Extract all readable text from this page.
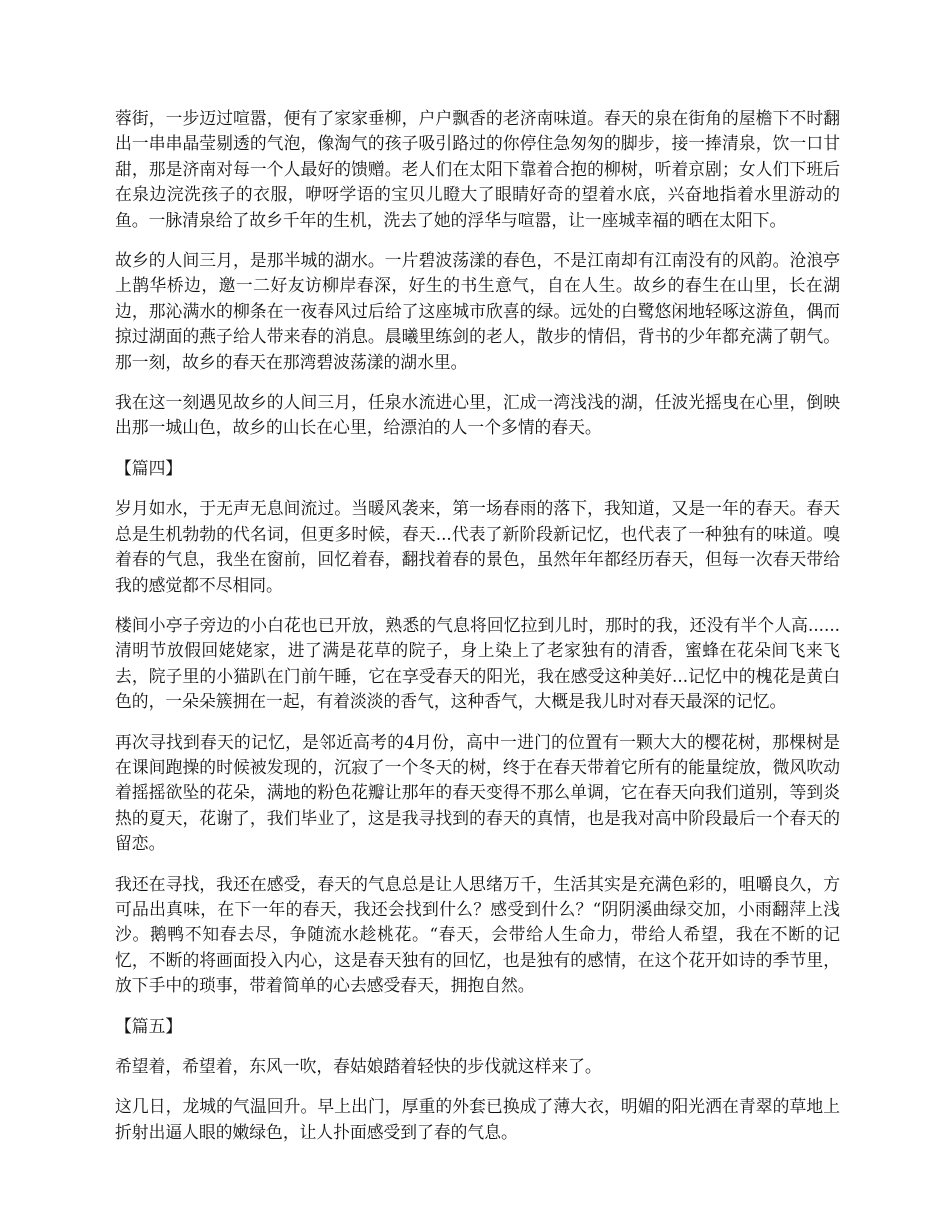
蓉街，一步迈过喧嚣，便有了家家垂柳，户户飘香的老济南味道。春天的泉在街角的屋檐下不时翻出一串串晶莹剔透的气泡，像淘气的孩子吸引路过的你停住急匆匆的脚步，接一捧清泉，饮一口甘甜，那是济南对每一个人最好的馈赠。老人们在太阳下靠着合抱的柳树，听着京剧；女人们下班后在泉边浣洗孩子的衣服，咿呀学语的宝贝儿瞪大了眼睛好奇的望着水底，兴奋地指着水里游动的鱼。一脉清泉给了故乡千年的生机，洗去了她的浮华与喧嚣，让一座城幸福的晒在太阳下。

故乡的人间三月，是那半城的湖水。一片碧波荡漾的春色，不是江南却有江南没有的风韵。沧浪亭上鹊华桥边，邀一二好友访柳岸春深，好生的书生意气，自在人生。故乡的春生在山里，长在湖边，那沁满水的柳条在一夜春风过后给了这座城市欣喜的绿。远处的白鹭悠闲地轻啄这游鱼，偶而掠过湖面的燕子给人带来春的消息。晨曦里练剑的老人，散步的情侣，背书的少年都充满了朝气。那一刻，故乡的春天在那湾碧波荡漾的湖水里。

我在这一刻遇见故乡的人间三月，任泉水流进心里，汇成一湾浅浅的湖，任波光摇曳在心里，倒映出那一城山色，故乡的山长在心里，给漂泊的人一个多情的春天。

【篇四】

岁月如水，于无声无息间流过。当暖风袭来，第一场春雨的落下，我知道，又是一年的春天。春天总是生机勃勃的代名词，但更多时候，春天...代表了新阶段新记忆，也代表了一种独有的味道。嗅着春的气息，我坐在窗前，回忆着春，翻找着春的景色，虽然年年都经历春天，但每一次春天带给我的感觉都不尽相同。

楼间小亭子旁边的小白花也已开放，熟悉的气息将回忆拉到儿时，那时的我，还没有半个人高......清明节放假回姥姥家，进了满是花草的院子，身上染上了老家独有的清香，蜜蜂在花朵间飞来飞去，院子里的小猫趴在门前午睡，它在享受春天的阳光，我在感受这种美好...记忆中的槐花是黄白色的，一朵朵簇拥在一起，有着淡淡的香气，这种香气，大概是我儿时对春天最深的记忆。

再次寻找到春天的记忆，是邻近高考的4月份，高中一进门的位置有一颗大大的樱花树，那棵树是在课间跑操的时候被发现的，沉寂了一个冬天的树，终于在春天带着它所有的能量绽放，微风吹动着摇摇欲坠的花朵，满地的粉色花瓣让那年的春天变得不那么单调，它在春天向我们道别，等到炎热的夏天，花谢了，我们毕业了，这是我寻找到的春天的真情，也是我对高中阶段最后一个春天的留恋。

我还在寻找，我还在感受，春天的气息总是让人思绪万千，生活其实是充满色彩的，咀嚼良久，方可品出真味，在下一年的春天，我还会找到什么？感受到什么？“阴阴溪曲绿交加，小雨翻萍上浅沙。鹅鸭不知春去尽，争随流水趁桃花。“春天，会带给人生命力，带给人希望，我在不断的记忆，不断的将画面投入内心，这是春天独有的回忆，也是独有的感情，在这个花开如诗的季节里，放下手中的琐事，带着简单的心去感受春天，拥抱自然。

【篇五】

希望着，希望着，东风一吹，春姑娘踏着轻快的步伐就这样来了。

这几日，龙城的气温回升。早上出门，厚重的外套已换成了薄大衣，明媚的阳光洒在青翠的草地上折射出逼人眼的嫩绿色，让人扑面感受到了春的气息。
